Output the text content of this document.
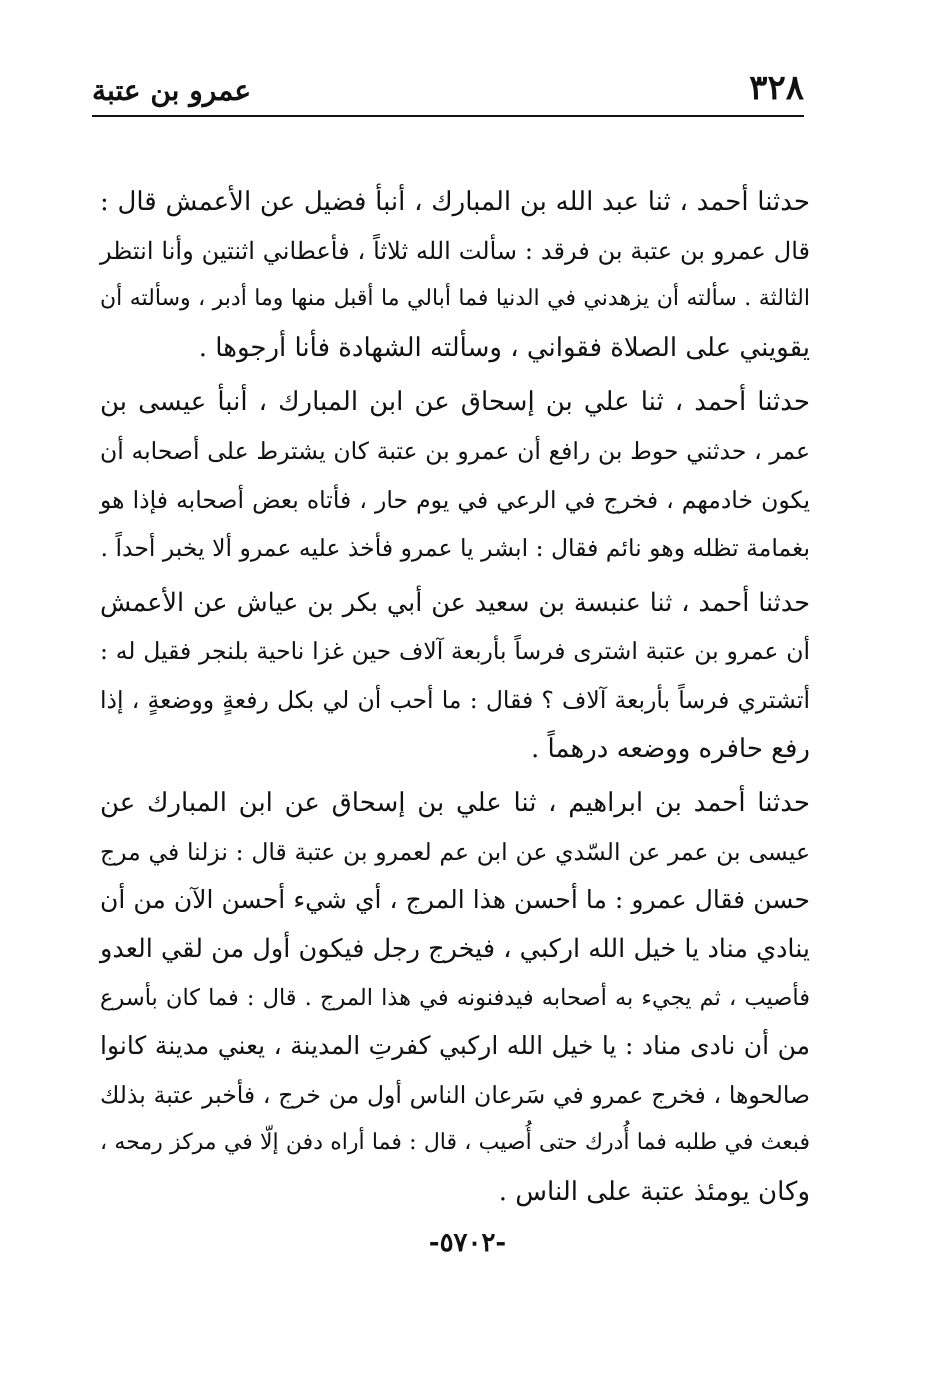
٣٢٨
عمرو بن عتبة
حدثنا أحمد ، ثنا عبد الله بن المبارك ، أنبأ فضيل عن الأعمش قال :
قال عمرو بن عتبة بن فرقد : سألت الله ثلاثاً ، فأعطاني اثنتين وأنا انتظر
الثالثة . سألته أن يزهدني في الدنيا فما أبالي ما أقبل منها وما أدبر ، وسألته أن
يقويني على الصلاة فقواني ، وسألته الشهادة فأنا أرجوها .
حدثنا أحمد ، ثنا علي بن إسحاق عن ابن المبارك ، أنبأ عيسى بن
عمر ، حدثني حوط بن رافع أن عمرو بن عتبة كان يشترط على أصحابه أن
يكون خادمهم ، فخرج في الرعي في يوم حار ، فأتاه بعض أصحابه فإذا هو
بغمامة تظله وهو نائم فقال : ابشر يا عمرو فأخذ عليه عمرو ألا يخبر أحداً .
حدثنا أحمد ، ثنا عنبسة بن سعيد عن أبي بكر بن عياش عن الأعمش
أن عمرو بن عتبة اشترى فرساً بأربعة آلاف حين غزا ناحية بلنجر فقيل له :
أتشتري فرساً بأربعة آلاف ؟ فقال : ما أحب أن لي بكل رفعةٍ ووضعةٍ ، إذا
رفع حافره ووضعه درهماً .
حدثنا أحمد بن ابراهيم ، ثنا علي بن إسحاق عن ابن المبارك عن
عيسى بن عمر عن السّدي عن ابن عم لعمرو بن عتبة قال : نزلنا في مرج
حسن فقال عمرو : ما أحسن هذا المرج ، أي شيء أحسن الآن من أن
ينادي مناد يا خيل الله اركبي ، فيخرج رجل فيكون أول من لقي العدو
فأصيب ، ثم يجيء به أصحابه فيدفنونه في هذا المرج . قال : فما كان بأسرع
من أن نادى مناد : يا خيل الله اركبي كفرتِ المدينة ، يعني مدينة كانوا
صالحوها ، فخرج عمرو في سَرعان الناس أول من خرج ، فأخبر عتبة بذلك
فبعث في طلبه فما أُدرك حتى أُصيب ، قال : فما أراه دفن إلّا في مركز رمحه ،
وكان يومئذ عتبة على الناس .
-٥٧٠٢-
